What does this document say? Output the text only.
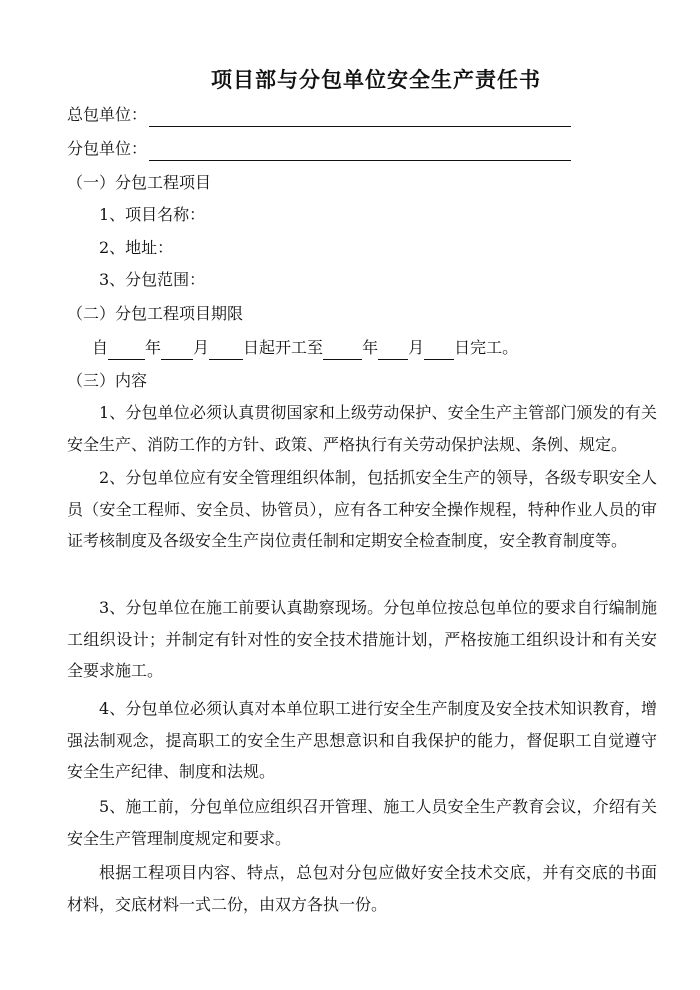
项目部与分包单位安全生产责任书
总包单位：
分包单位：

（一）分包工程项目

1、项目名称：

2、地址：

3、分包范围：

（二）分包工程项目期限

自 年 月日起开工至 年 月 日完工。

（三）内容

1、分包单位必须认真贯彻国家和上级劳动保护、安全生产主管部门颁发的有关安全生产、消防工作的方针、政策、严格执行有关劳动保护法规、条例、规定。

2、分包单位应有安全管理组织体制，包括抓安全生产的领导，各级专职安全人员（安全工程师、安全员、协管员），应有各工种安全操作规程，特种作业人员的审证考核制度及各级安全生产岗位责任制和定期安全检查制度，安全教育制度等。

3、分包单位在施工前要认真勘察现场。分包单位按总包单位的要求自行编制施工组织设计；并制定有针对性的安全技术措施计划，严格按施工组织设计和有关安全要求施工。

4、分包单位必须认真对本单位职工进行安全生产制度及安全技术知识教育，增强法制观念，提高职工的安全生产思想意识和自我保护的能力，督促职工自觉遵守安全生产纪律、制度和法规。

5、施工前，分包单位应组织召开管理、施工人员安全生产教育会议，介绍有关安全生产管理制度规定和要求。

根据工程项目内容、特点，总包对分包应做好安全技术交底，并有交底的书面材料，交底材料一式二份，由双方各执一份。
